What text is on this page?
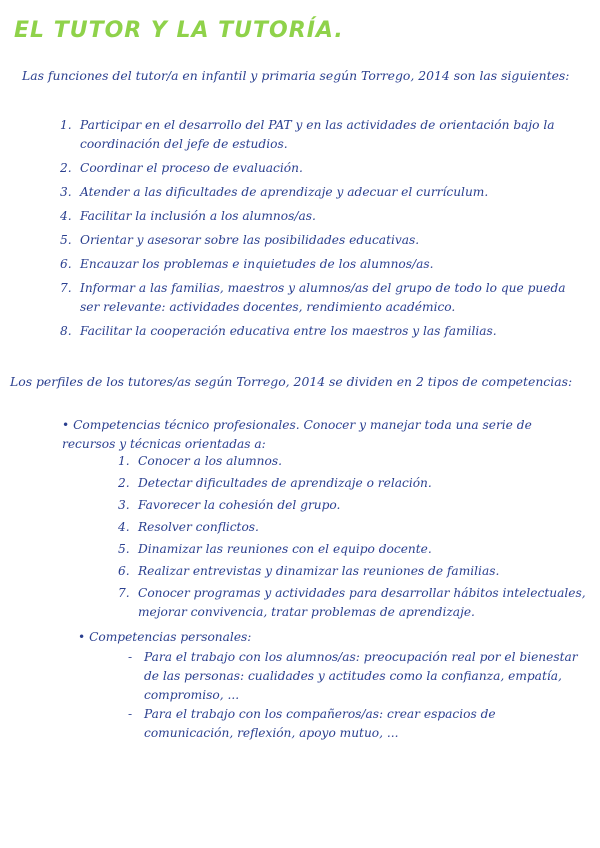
EL TUTOR Y LA TUTORÍA.

Las funciones del tutor/a en infantil y primaria según Torrego, 2014 son las siguientes:

1. Participar en el desarrollo del PAT y en las actividades de orientación bajo la coordinación del jefe de estudios.
2. Coordinar el proceso de evaluación.
3. Atender a las dificultades de aprendizaje y adecuar el currículum.
4. Facilitar la inclusión a los alumnos/as.
5. Orientar y asesorar sobre las posibilidades educativas.
6. Encauzar los problemas e inquietudes de los alumnos/as.
7. Informar a las familias, maestros y alumnos/as del grupo de todo lo que pueda ser relevante: actividades docentes, rendimiento académico.
8. Facilitar la cooperación educativa entre los maestros y las familias.

Los perfiles de los tutores/as según Torrego, 2014 se dividen en 2 tipos de competencias:

• Competencias técnico profesionales. Conocer y manejar toda una serie de recursos y técnicas orientadas a:
1. Conocer a los alumnos.
2. Detectar dificultades de aprendizaje o relación.
3. Favorecer la cohesión del grupo.
4. Resolver conflictos.
5. Dinamizar las reuniones con el equipo docente.
6. Realizar entrevistas y dinamizar las reuniones de familias.
7. Conocer programas y actividades para desarrollar hábitos intelectuales, mejorar convivencia, tratar problemas de aprendizaje.
• Competencias personales:
- Para el trabajo con los alumnos/as: preocupación real por el bienestar de las personas: cualidades y actitudes como la confianza, empatía, compromiso, ...
- Para el trabajo con los compañeros/as: crear espacios de comunicación, reflexión, apoyo mutuo, ...
